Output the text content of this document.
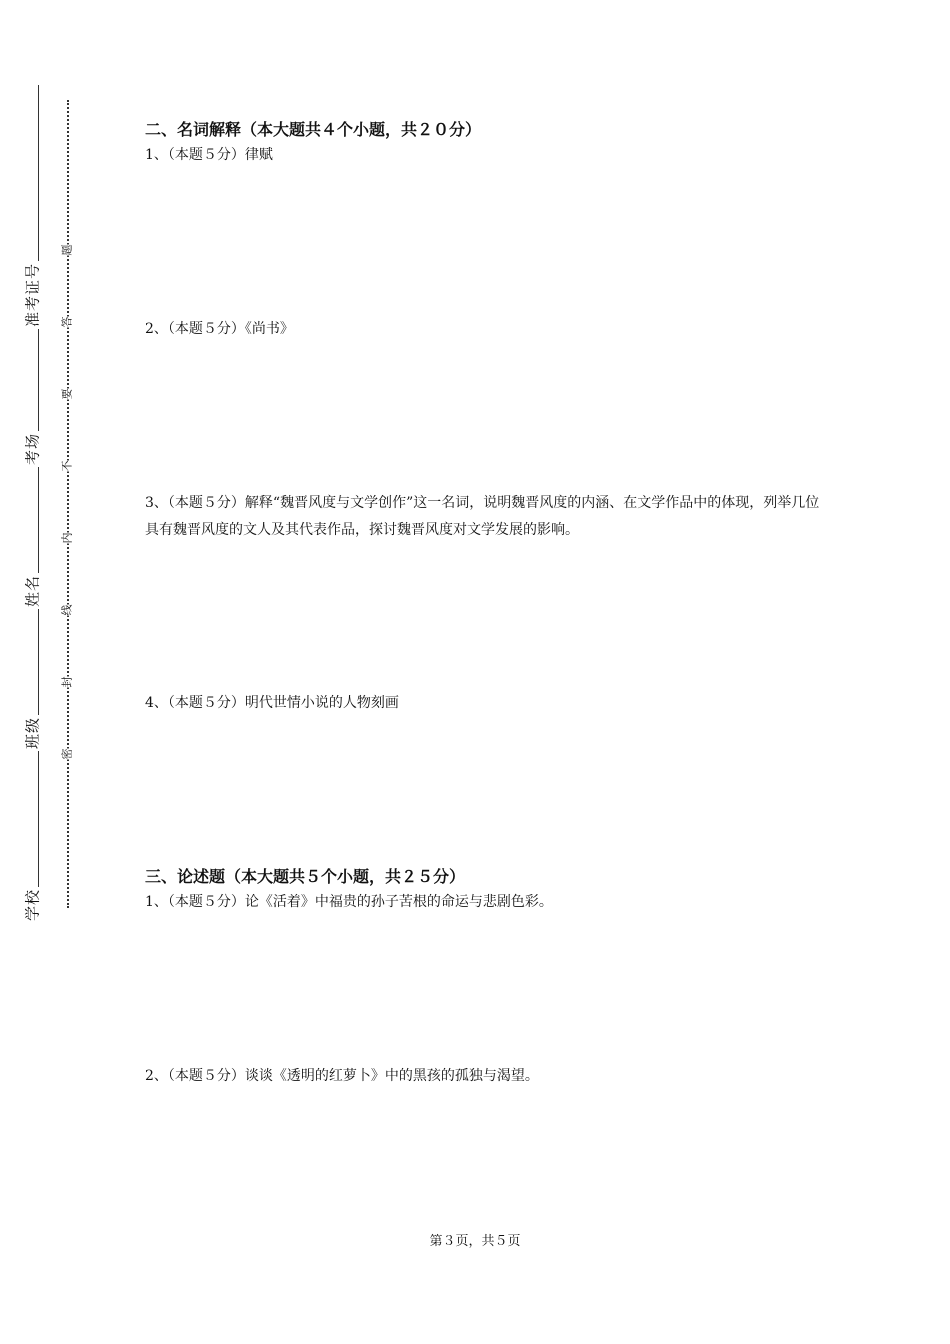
学校
班级
姓名
考场
准考证号
题
答
要
不
内
线
封
密
二、名词解释（本大题共４个小题，共２０分）

1、（本题５分）律赋

2、（本题５分）《尚书》

3、（本题５分）解释“魏晋风度与文学创作”这一名词，说明魏晋风度的内涵、在文学作品中的体现，列举几位具有魏晋风度的文人及其代表作品，探讨魏晋风度对文学发展的影响。

4、（本题５分）明代世情小说的人物刻画

三、论述题（本大题共５个小题，共２５分）

1、（本题５分）论《活着》中福贵的孙子苦根的命运与悲剧色彩。

2、（本题５分）谈谈《透明的红萝卜》中的黑孩的孤独与渴望。

第３页，共５页
